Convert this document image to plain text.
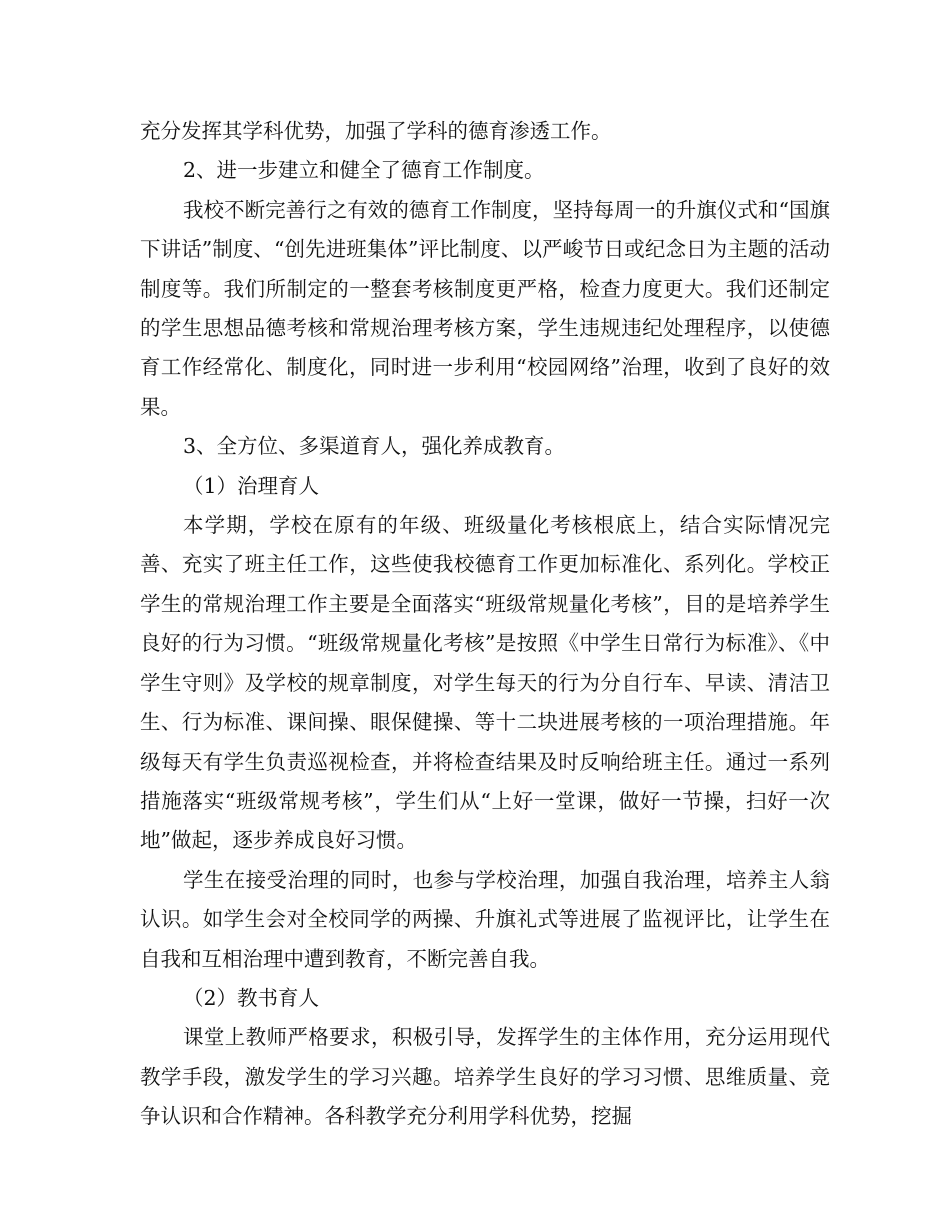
充分发挥其学科优势，加强了学科的德育渗透工作。

2、进一步建立和健全了德育工作制度。

我校不断完善行之有效的德育工作制度，坚持每周一的升旗仪式和“国旗下讲话”制度、“创先进班集体”评比制度、以严峻节日或纪念日为主题的活动制度等。我们所制定的一整套考核制度更严格，检查力度更大。我们还制定的学生思想品德考核和常规治理考核方案，学生违规违纪处理程序，以使德育工作经常化、制度化，同时进一步利用“校园网络”治理，收到了良好的效果。

3、全方位、多渠道育人，强化养成教育。

（1）治理育人

本学期，学校在原有的年级、班级量化考核根底上，结合实际情况完善、充实了班主任工作，这些使我校德育工作更加标准化、系列化。学校正学生的常规治理工作主要是全面落实“班级常规量化考核”，目的是培养学生良好的行为习惯。“班级常规量化考核”是按照《中学生日常行为标准》、《中学生守则》及学校的规章制度，对学生每天的行为分自行车、早读、清洁卫生、行为标准、课间操、眼保健操、等十二块进展考核的一项治理措施。年级每天有学生负责巡视检查，并将检查结果及时反响给班主任。通过一系列措施落实“班级常规考核”，学生们从“上好一堂课，做好一节操，扫好一次地”做起，逐步养成良好习惯。

学生在接受治理的同时，也参与学校治理，加强自我治理，培养主人翁认识。如学生会对全校同学的两操、升旗礼式等进展了监视评比，让学生在自我和互相治理中遭到教育，不断完善自我。

（2）教书育人

课堂上教师严格要求，积极引导，发挥学生的主体作用，充分运用现代教学手段，激发学生的学习兴趣。培养学生良好的学习习惯、思维质量、竞争认识和合作精神。各科教学充分利用学科优势，挖掘
